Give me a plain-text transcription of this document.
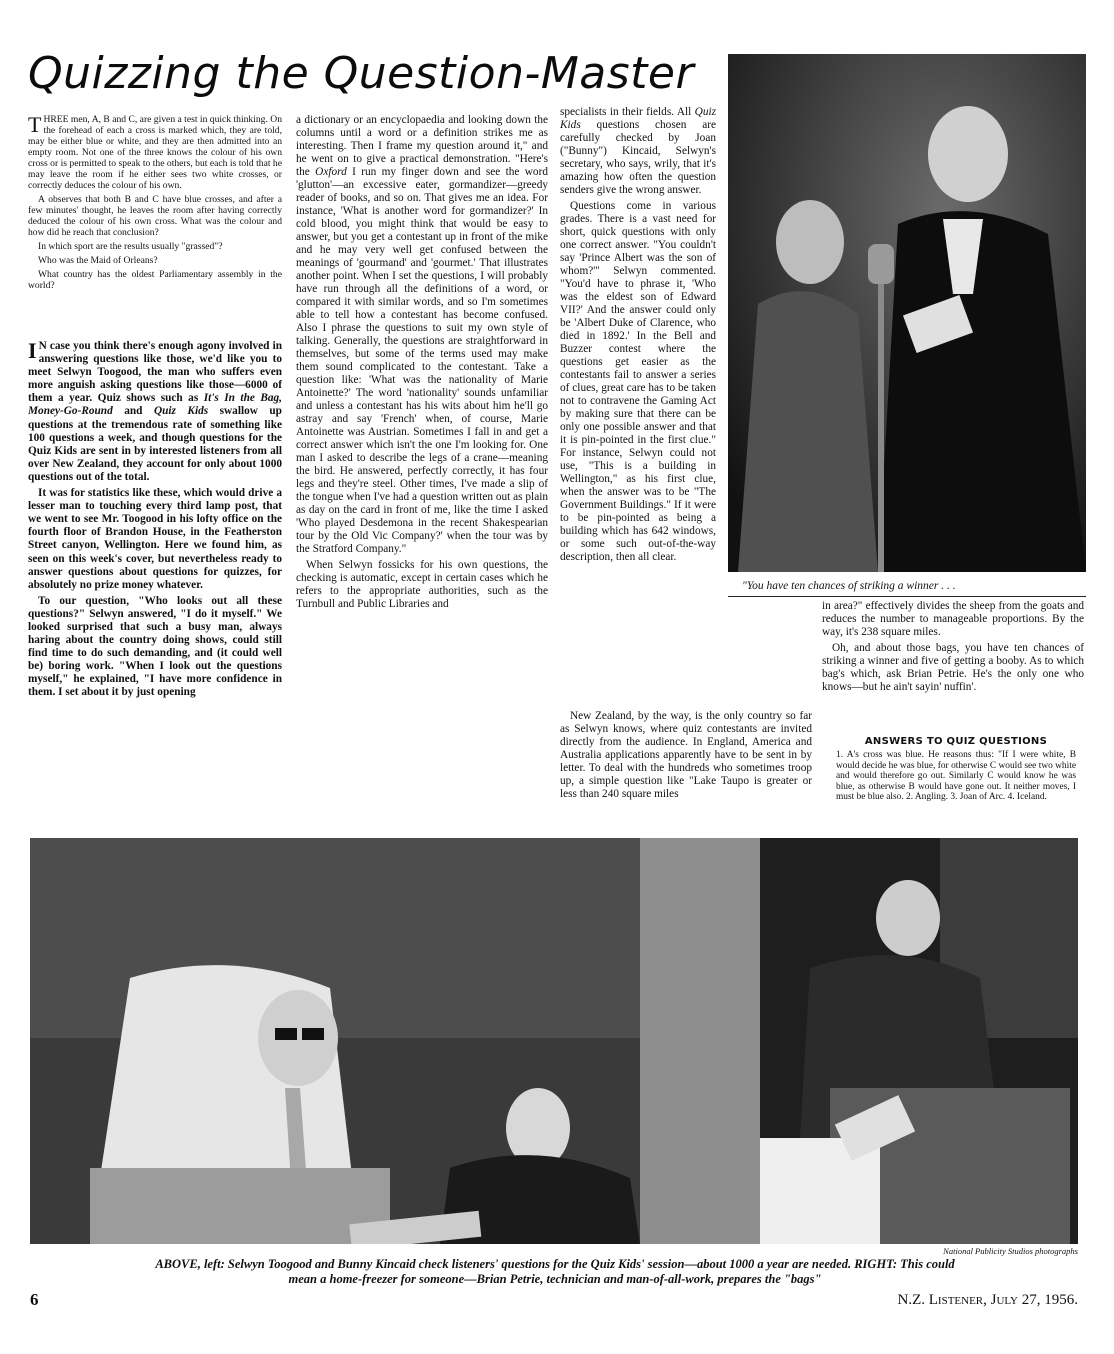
Quizzing the Question-Master

THREE men, A, B and C, are given a test in quick thinking. On the forehead of each a cross is marked which, they are told, may be either blue or white, and they are then admitted into an empty room. Not one of the three knows the colour of his own cross or is permitted to speak to the others, but each is told that he may leave the room if he either sees two white crosses, or correctly deduces the colour of his own.

A observes that both B and C have blue crosses, and after a few minutes' thought, he leaves the room after having correctly deduced the colour of his own cross. What was the colour and how did he reach that conclusion?

In which sport are the results usually "grassed"?

Who was the Maid of Orleans?

What country has the oldest Parliamentary assembly in the world?

I N case you think there's enough agony involved in answering questions like those, we'd like you to meet Selwyn Toogood, the man who suffers even more anguish asking questions like those—6000 of them a year. Quiz shows such as It's In the Bag, Money-Go-Round and Quiz Kids swallow up questions at the tremendous rate of something like 100 questions a week, and though questions for the Quiz Kids are sent in by interested listeners from all over New Zealand, they account for only about 1000 questions out of the total.

It was for statistics like these, which would drive a lesser man to touching every third lamp post, that we went to see Mr. Toogood in his lofty office on the fourth floor of Brandon House, in the Featherston Street canyon, Wellington. Here we found him, as seen on this week's cover, but nevertheless ready to answer questions about questions for quizzes, for absolutely no prize money whatever.

To our question, "Who looks out all these questions?" Selwyn answered, "I do it myself." We looked surprised that such a busy man, always haring about the country doing shows, could still find time to do such demanding, and (it could well be) boring work. "When I look out the questions myself," he explained, "I have more confidence in them. I set about it by just opening

a dictionary or an encyclopaedia and looking down the columns until a word or a definition strikes me as interesting. Then I frame my question around it," and he went on to give a practical demonstration. "Here's the Oxford I run my finger down and see the word 'glutton'—an excessive eater, gormandizer—greedy reader of books, and so on. That gives me an idea. For instance, 'What is another word for gormandizer?' In cold blood, you might think that would be easy to answer, but you get a contestant up in front of the mike and he may very well get confused between the meanings of 'gourmand' and 'gourmet.' That illustrates another point. When I set the questions, I will probably have run through all the definitions of a word, or compared it with similar words, and so I'm sometimes able to tell how a contestant has become confused. Also I phrase the questions to suit my own style of talking. Generally, the questions are straightforward in themselves, but some of the terms used may make them sound complicated to the contestant. Take a question like: 'What was the nationality of Marie Antoinette?' The word 'nationality' sounds unfamiliar and unless a contestant has his wits about him he'll go astray and say 'French' when, of course, Marie Antoinette was Austrian. Sometimes I fall in and get a correct answer which isn't the one I'm looking for. One man I asked to describe the legs of a crane—meaning the bird. He answered, perfectly correctly, it has four legs and they're steel. Other times, I've made a slip of the tongue when I've had a question written out as plain as day on the card in front of me, like the time I asked 'Who played Desdemona in the recent Shakespearian tour by the Old Vic Company?' when the tour was by the Stratford Company."

When Selwyn fossicks for his own questions, the checking is automatic, except in certain cases which he refers to the appropriate authorities, such as the Turnbull and Public Libraries and

specialists in their fields. All Quiz Kids questions chosen are carefully checked by Joan ("Bunny") Kincaid, Selwyn's secretary, who says, wrily, that it's amazing how often the question senders give the wrong answer.

Questions come in various grades. There is a vast need for short, quick questions with only one correct answer. "You couldn't say 'Prince Albert was the son of whom?'" Selwyn commented. "You'd have to phrase it, 'Who was the eldest son of Edward VII?' And the answer could only be 'Albert Duke of Clarence, who died in 1892.' In the Bell and Buzzer contest where the questions get easier as the contestants fail to answer a series of clues, great care has to be taken not to contravene the Gaming Act by making sure that there can be only one possible answer and that it is pin-pointed in the first clue." For instance, Selwyn could not use, "This is a building in Wellington," as his first clue, when the answer was to be "The Government Buildings." If it were to be pin-pointed as being a building which has 642 windows, or some such out-of-the-way description, then all clear.

New Zealand, by the way, is the only country so far as Selwyn knows, where quiz contestants are invited directly from the audience. In England, America and Australia applications apparently have to be sent in by letter. To deal with the hundreds who sometimes troop up, a simple question like "Lake Taupo is greater or less than 240 square miles

"You have ten chances of striking a winner . . .

in area?" effectively divides the sheep from the goats and reduces the number to manageable proportions. By the way, it's 238 square miles.

Oh, and about those bags, you have ten chances of striking a winner and five of getting a booby. As to which bag's which, ask Brian Petrie. He's the only one who knows—but he ain't sayin' nuffin'.

ANSWERS TO QUIZ QUESTIONS
1. A's cross was blue. He reasons thus: "If I were white, B would decide he was blue, for otherwise C would see two white and would therefore go out. Similarly C would know he was blue, as otherwise B would have gone out. It neither moves, I must be blue also. 2. Angling. 3. Joan of Arc. 4. Iceland.
National Publicity Studios photographs
ABOVE, left: Selwyn Toogood and Bunny Kincaid check listeners' questions for the Quiz Kids' session—about 1000 a year are needed. RIGHT: This could
mean a home-freezer for someone—Brian Petrie, technician and man-of-all-work, prepares the "bags"
6	N.Z. Listener, July 27, 1956.
